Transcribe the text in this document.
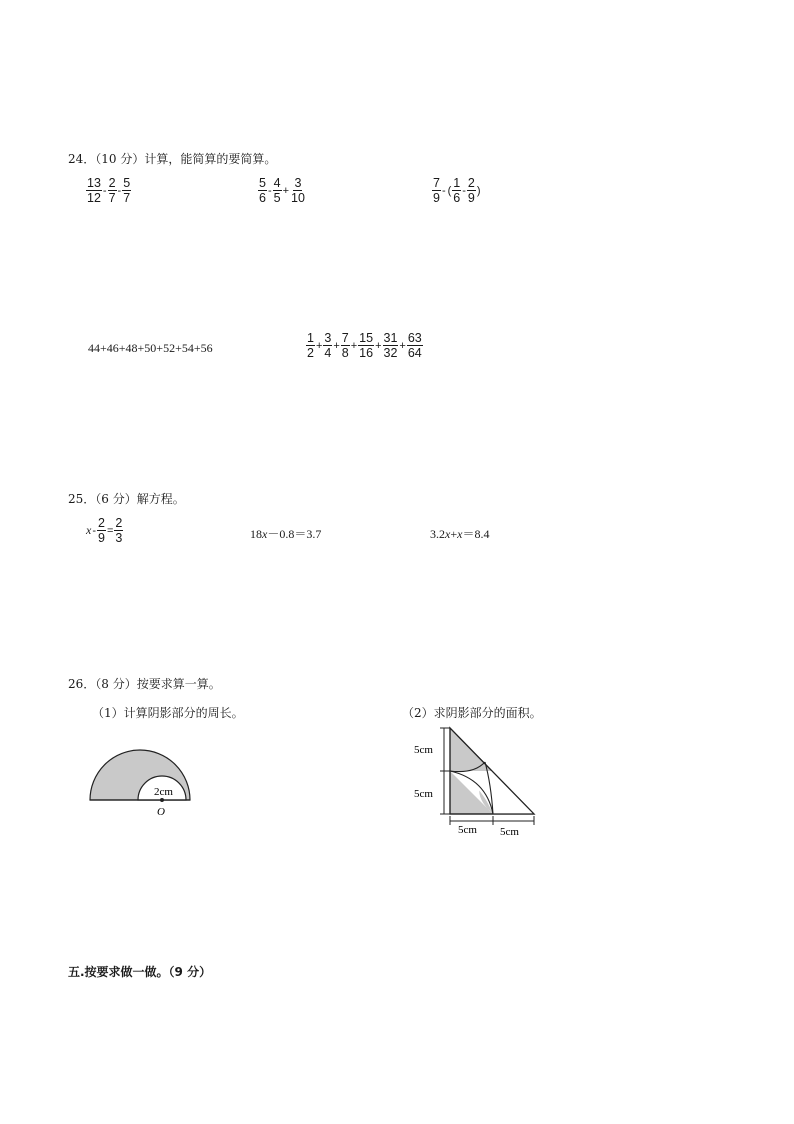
24．（10 分）计算，能简算的要简算。
$\frac{13}{12} - \frac{2}{7} - \frac{5}{7}$	$\frac{5}{6} - \frac{4}{5} + \frac{3}{10}$	$\frac{7}{9}$ - ( $\frac{1}{6} - \frac{2}{9}$ )
44+46+48+50+52+54+56	$\frac{1}{2} + \frac{3}{4} + \frac{7}{8} + \frac{15}{16} + \frac{31}{32} + \frac{63}{64}$
25．（6 分）解方程。
$x - \frac{2}{9} = \frac{2}{3}$	18x－0.8＝3.7	3.2x+x＝8.4
26．（8 分）按要求算一算。
（1）计算阴影部分的周长。	（2）求阴影部分的面积。
2cm
O
5cm
5cm
5cm 5cm
五.按要求做一做。（9 分）
